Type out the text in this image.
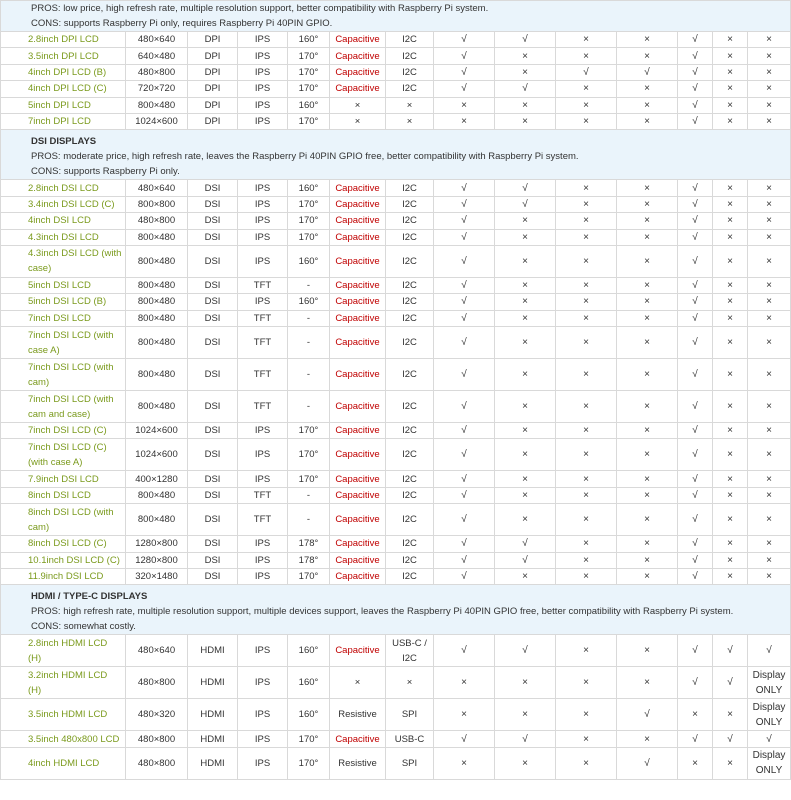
PROS: low price, high refresh rate, multiple resolution support, better compatibility with Raspberry Pi system.
CONS: supports Raspberry Pi only, requires Raspberry Pi 40PIN GPIO.													

2.8inch DPI LCD	480×640	DPI	IPS	160°	Capacitive	I2C	√	√	×	×	√	×	×
3.5inch DPI LCD	640×480	DPI	IPS	170°	Capacitive	I2C	√	×	×	×	√	×	×
4inch DPI LCD (B)	480×800	DPI	IPS	170°	Capacitive	I2C	√	×	√	√	√	×	×
4inch DPI LCD (C)	720×720	DPI	IPS	170°	Capacitive	I2C	√	√	×	×	√	×	×
5inch DPI LCD	800×480	DPI	IPS	160°	×	×	×	×	×	×	√	×	×
7inch DPI LCD	1024×600	DPI	IPS	170°	×	×	×	×	×	×	√	×	×

DSI DISPLAYS
PROS: moderate price, high refresh rate, leaves the Raspberry Pi 40PIN GPIO free, better compatibility with Raspberry Pi system.
CONS: supports Raspberry Pi only.													

2.8inch DSI LCD	480×640	DSI	IPS	160°	Capacitive	I2C	√	√	×	×	√	×	×
3.4inch DSI LCD (C)	800×800	DSI	IPS	170°	Capacitive	I2C	√	√	×	×	√	×	×
4inch DSI LCD	480×800	DSI	IPS	170°	Capacitive	I2C	√	×	×	×	√	×	×
4.3inch DSI LCD	800×480	DSI	IPS	170°	Capacitive	I2C	√	×	×	×	√	×	×
4.3inch DSI LCD (with case)	800×480	DSI	IPS	160°	Capacitive	I2C	√	×	×	×	√	×	×
5inch DSI LCD	800×480	DSI	TFT	-	Capacitive	I2C	√	×	×	×	√	×	×
5inch DSI LCD (B)	800×480	DSI	IPS	160°	Capacitive	I2C	√	×	×	×	√	×	×
7inch DSI LCD	800×480	DSI	TFT	-	Capacitive	I2C	√	×	×	×	√	×	×
7inch DSI LCD (with case A)	800×480	DSI	TFT	-	Capacitive	I2C	√	×	×	×	√	×	×
7inch DSI LCD (with cam)	800×480	DSI	TFT	-	Capacitive	I2C	√	×	×	×	√	×	×
7inch DSI LCD (with cam and case)	800×480	DSI	TFT	-	Capacitive	I2C	√	×	×	×	√	×	×
7inch DSI LCD (C)	1024×600	DSI	IPS	170°	Capacitive	I2C	√	×	×	×	√	×	×
7inch DSI LCD (C) (with case A)	1024×600	DSI	IPS	170°	Capacitive	I2C	√	×	×	×	√	×	×
7.9inch DSI LCD	400×1280	DSI	IPS	170°	Capacitive	I2C	√	×	×	×	√	×	×
8inch DSI LCD	800×480	DSI	TFT	-	Capacitive	I2C	√	×	×	×	√	×	×
8inch DSI LCD (with cam)	800×480	DSI	TFT	-	Capacitive	I2C	√	×	×	×	√	×	×
8inch DSI LCD (C)	1280×800	DSI	IPS	178°	Capacitive	I2C	√	√	×	×	√	×	×
10.1inch DSI LCD (C)	1280×800	DSI	IPS	178°	Capacitive	I2C	√	√	×	×	√	×	×
11.9inch DSI LCD	320×1480	DSI	IPS	170°	Capacitive	I2C	√	×	×	×	√	×	×

HDMI / TYPE-C DISPLAYS
PROS: high refresh rate, multiple resolution support, multiple devices support, leaves the Raspberry Pi 40PIN GPIO free, better compatibility with Raspberry Pi system.
CONS: somewhat costly.													

2.8inch HDMI LCD (H)	480×640	HDMI	IPS	160°	Capacitive	USB-C / I2C	√	√	×	×	√	√	√
3.2inch HDMI LCD (H)	480×800	HDMI	IPS	160°	×	×	×	×	×	×	√	√	Display ONLY
3.5inch HDMI LCD	480×320	HDMI	IPS	160°	Resistive	SPI	×	×	×	√	×	×	Display ONLY
3.5inch 480x800 LCD	480×800	HDMI	IPS	170°	Capacitive	USB-C	√	√	×	×	√	√	√
4inch HDMI LCD	480×800	HDMI	IPS	170°	Resistive	SPI	×	×	×	√	×	×	Display ONLY
